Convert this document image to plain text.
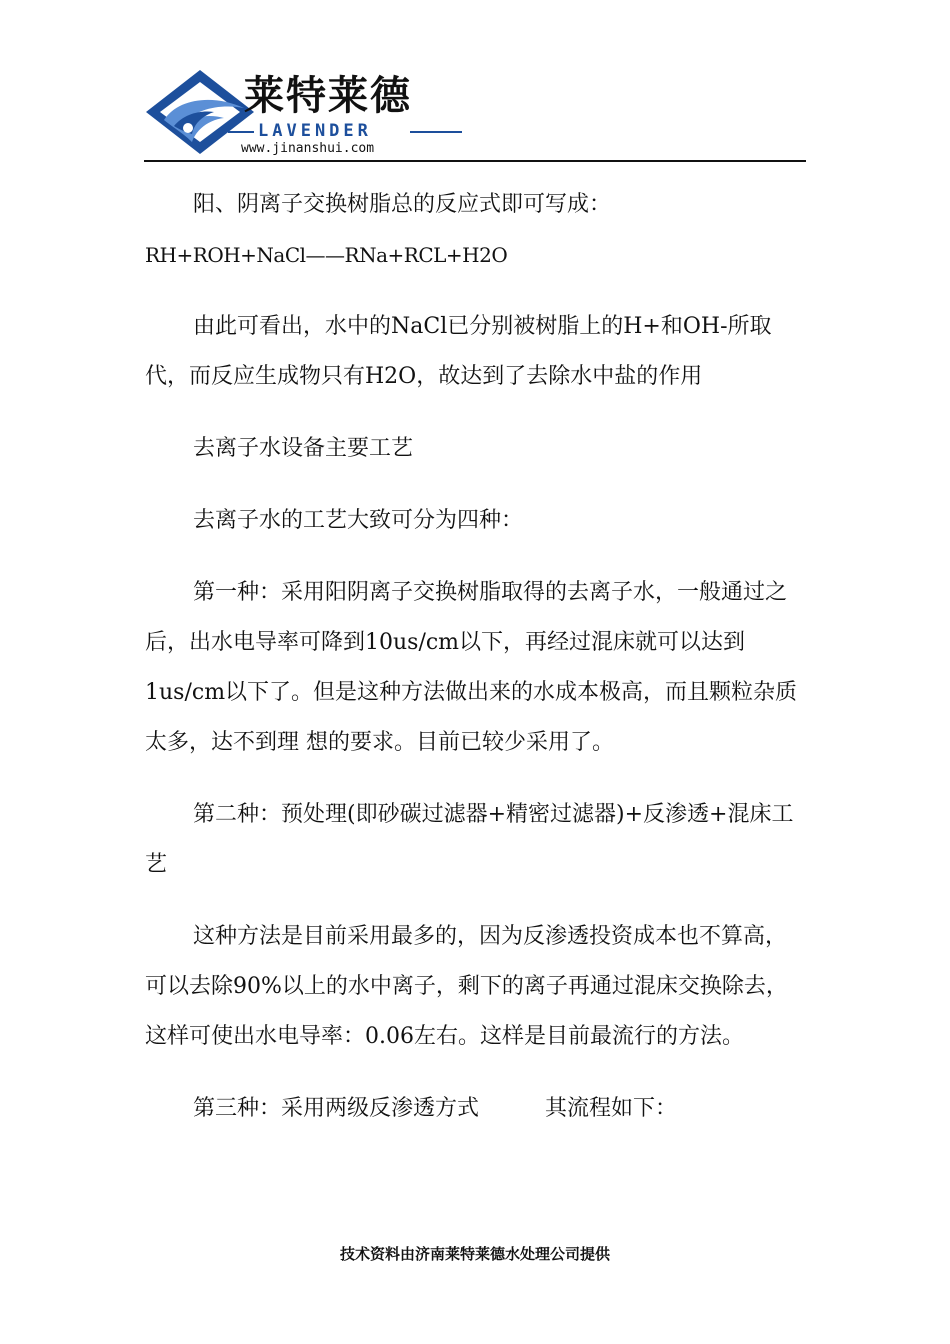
莱特莱德
LAVENDER
www.jinanshui.com

阳、阴离子交换树脂总的反应式即可写成：

RH+ROH+NaCl——RNa+RCL+H2O

由此可看出，水中的NaCl已分别被树脂上的H+和OH-所取代，而反应生成物只有H2O，故达到了去除水中盐的作用

去离子水设备主要工艺

去离子水的工艺大致可分为四种：

第一种：采用阳阴离子交换树脂取得的去离子水，一般通过之后，出水电导率可降到10us/cm以下，再经过混床就可以达到1us/cm以下了。但是这种方法做出来的水成本极高，而且颗粒杂质太多，达不到理 想的要求。目前已较少采用了。

第二种：预处理(即砂碳过滤器+精密过滤器)+反渗透+混床工艺

这种方法是目前采用最多的，因为反渗透投资成本也不算高，可以去除90%以上的水中离子，剩下的离子再通过混床交换除去，这样可使出水电导率：0.06左右。这样是目前最流行的方法。

第三种：采用两级反渗透方式　　　其流程如下：

技术资料由济南莱特莱德水处理公司提供
